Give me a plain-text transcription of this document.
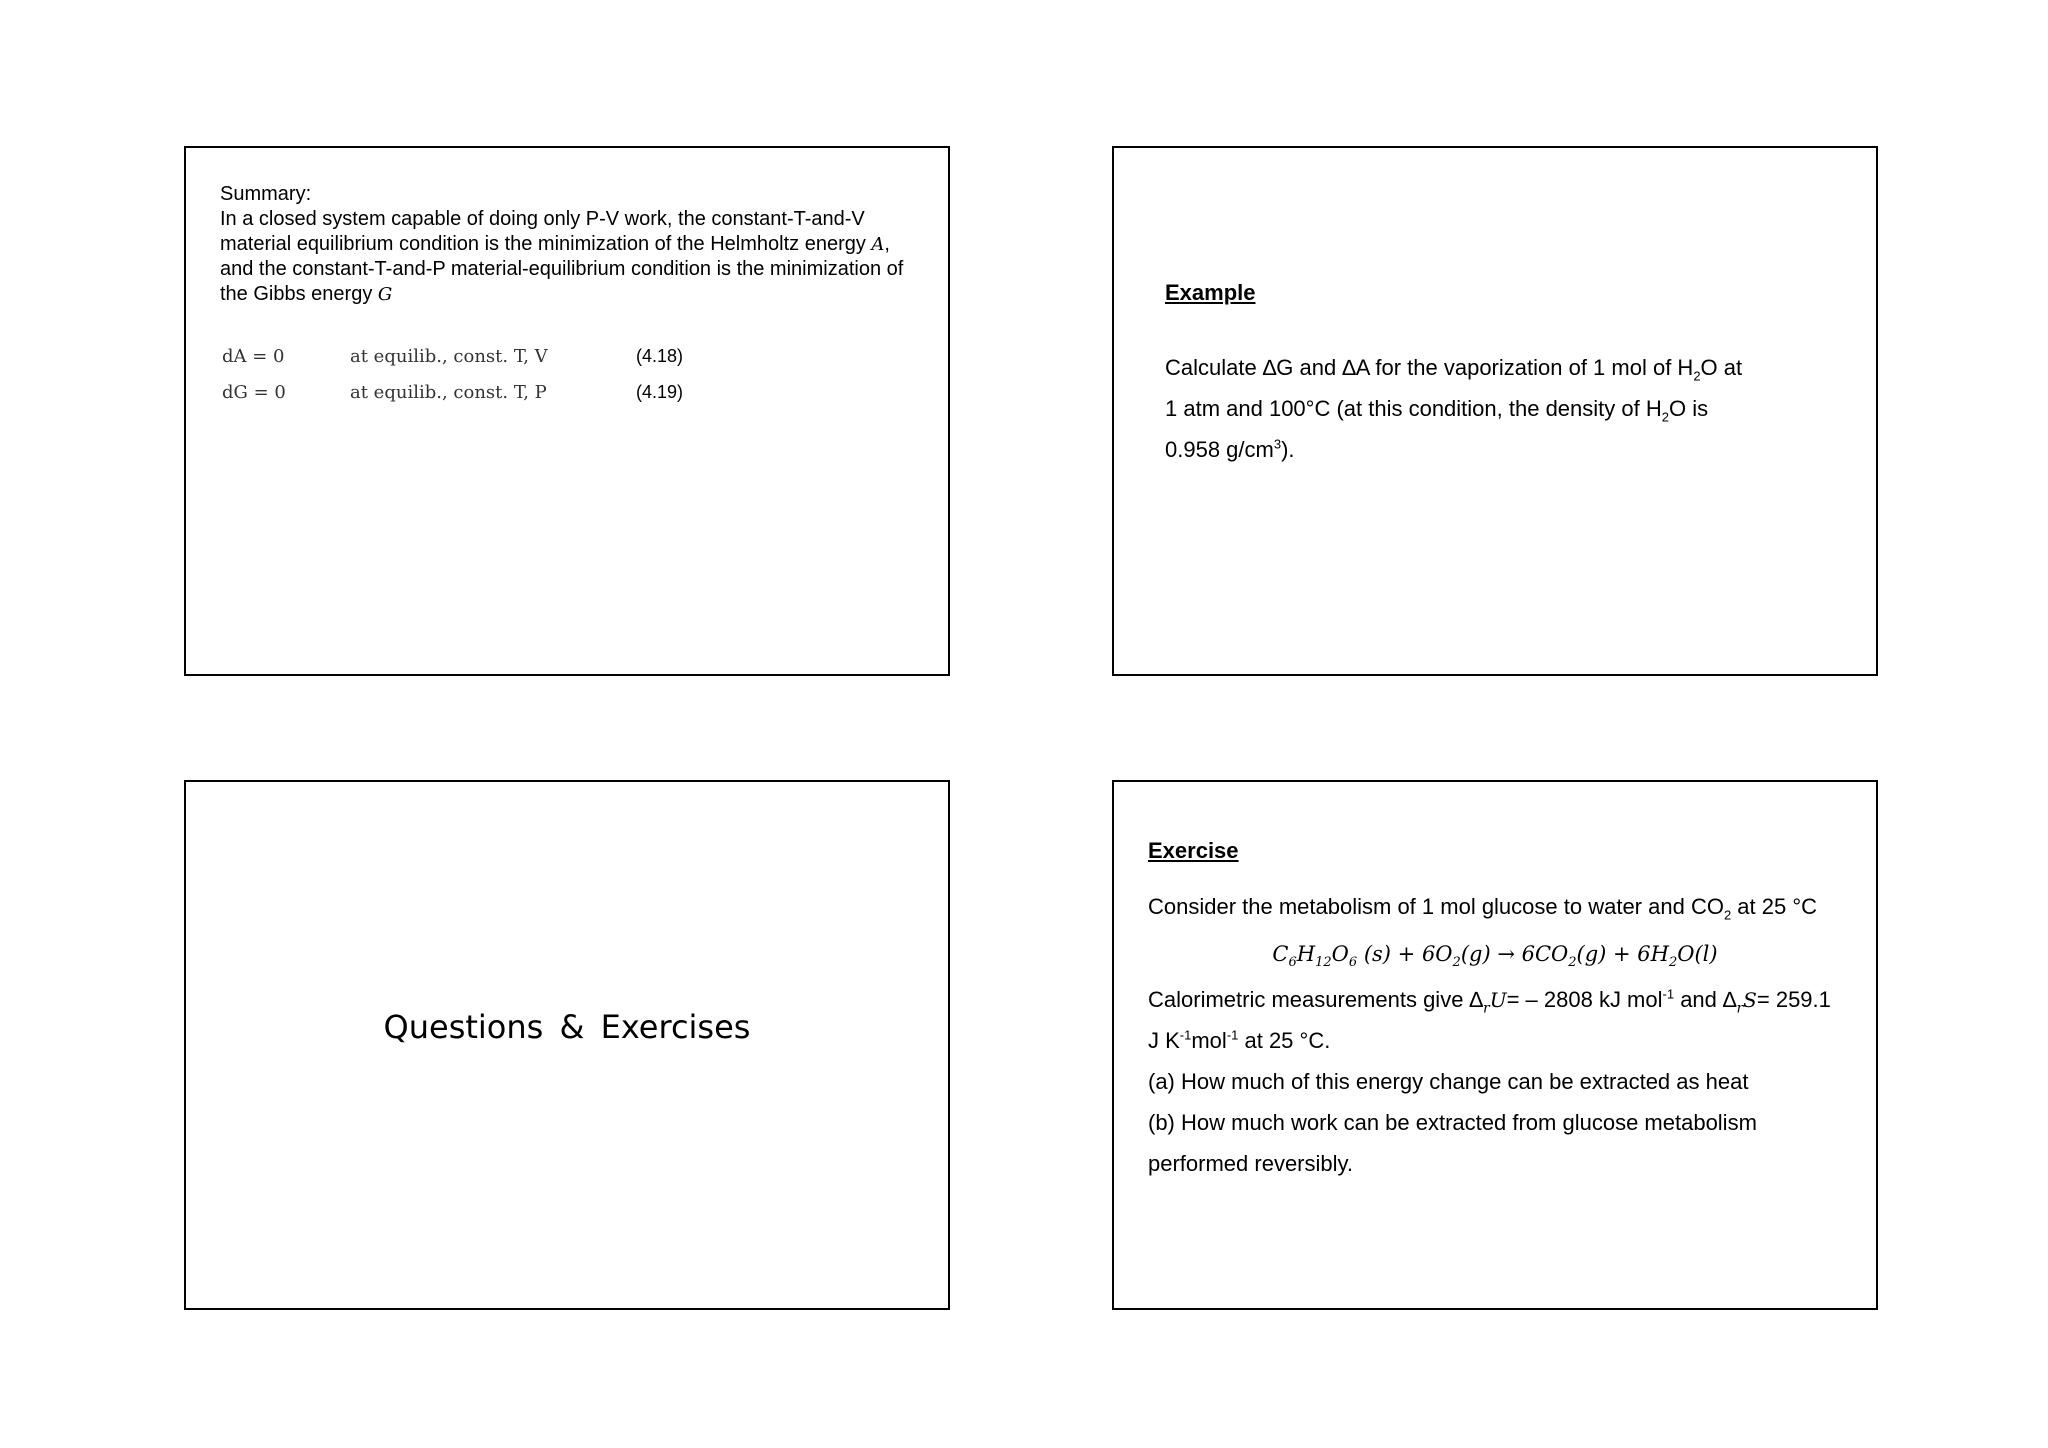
Summary:
In a closed system capable of doing only P-V work, the constant-T-and-V material equilibrium condition is the minimization of the Helmholtz energy A, and the constant-T-and-P material-equilibrium condition is the minimization of the Gibbs energy G
dA = 0	at equilib., const. T, V	(4.18)
dG = 0	at equilib., const. T, P	(4.19)
Example
Calculate ∆G and ∆A for the vaporization of 1 mol of $H_2O$ at
1 atm and 100°C (at this condition, the density of $H_2O$ is
0.958 $g/cm^3$).
Questions & Exercises
Exercise
Consider the metabolism of 1 mol glucose to water and $CO_2$ at 25 °C
$C_6H_{12}O_6$ $(s) + 6O_2(g) \to 6CO_2(g) + 6H_2O(l)$
Calorimetric measurements give $\Delta_rU= - 2808$ kJ mol$^{-1}$ and $\Delta_rS= 259.1$
J $K^{-1}mol^{-1}$ at 25 °C.
(a) How much of this energy change can be extracted as heat
(b) How much work can be extracted from glucose metabolism
performed reversibly.
